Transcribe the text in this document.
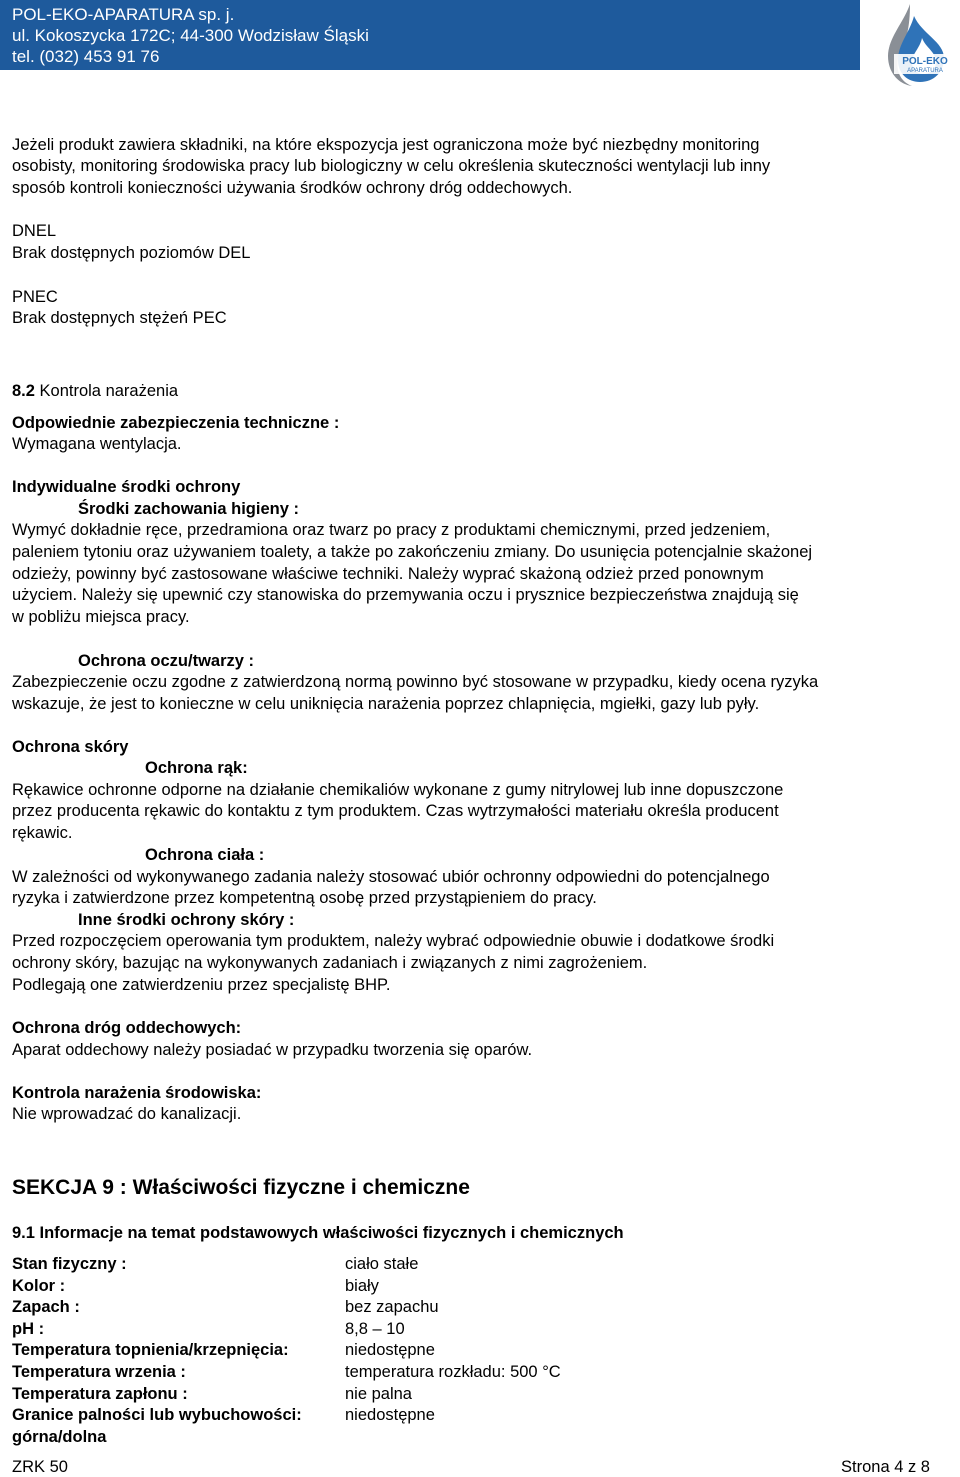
POL-EKO-APARATURA sp. j.
ul. Kokoszycka 172C; 44-300 Wodzisław Śląski
tel. (032) 453 91 76	POL-EKO
APARATURA
Jeżeli produkt zawiera składniki, na które ekspozycja jest ograniczona może być niezbędny monitoring
osobisty, monitoring środowiska pracy lub biologiczny w celu określenia skuteczności wentylacji lub inny
sposób kontroli konieczności używania środków ochrony dróg oddechowych.
DNEL
Brak dostępnych poziomów DEL
PNEC
Brak dostępnych stężeń PEC
8.2 Kontrola narażenia
Odpowiednie zabezpieczenia techniczne :
Wymagana wentylacja.
Indywidualne środki ochrony
Środki zachowania higieny :
Wymyć dokładnie ręce, przedramiona oraz twarz po pracy z produktami chemicznymi, przed jedzeniem,
paleniem tytoniu oraz używaniem toalety, a także po zakończeniu zmiany. Do usunięcia potencjalnie skażonej
odzieży, powinny być zastosowane właściwe techniki. Należy wyprać skażoną odzież przed ponownym
użyciem. Należy się upewnić czy stanowiska do przemywania oczu i prysznice bezpieczeństwa znajdują się
w pobliżu miejsca pracy.
Ochrona oczu/twarzy :
Zabezpieczenie oczu zgodne z zatwierdzoną normą powinno być stosowane w przypadku, kiedy ocena ryzyka
wskazuje, że jest to konieczne w celu uniknięcia narażenia poprzez chlapnięcia, mgiełki, gazy lub pyły.
Ochrona skóry
Ochrona rąk:
Rękawice ochronne odporne na działanie chemikaliów wykonane z gumy nitrylowej lub inne dopuszczone
przez producenta rękawic do kontaktu z tym produktem. Czas wytrzymałości materiału określa producent
rękawic.
Ochrona ciała :
W zależności od wykonywanego zadania należy stosować ubiór ochronny odpowiedni do potencjalnego
ryzyka i zatwierdzone przez kompetentną osobę przed przystąpieniem do pracy.
Inne środki ochrony skóry :
Przed rozpoczęciem operowania tym produktem, należy wybrać odpowiednie obuwie i dodatkowe środki
ochrony skóry, bazując na wykonywanych zadaniach i związanych z nimi zagrożeniem.
Podlegają one zatwierdzeniu przez specjalistę BHP.
Ochrona dróg oddechowych:
Aparat oddechowy należy posiadać w przypadku tworzenia się oparów.
Kontrola narażenia środowiska:
Nie wprowadzać do kanalizacji.
SEKCJA 9 : Właściwości fizyczne i chemiczne
9.1 Informacje na temat podstawowych właściwości fizycznych i chemicznych
Stan fizyczny :	ciało stałe
Kolor :	biały
Zapach :	bez zapachu
pH :	8,8 – 10
Temperatura topnienia/krzepnięcia:	niedostępne
Temperatura wrzenia :	temperatura rozkładu: 500 °C
Temperatura zapłonu :	nie palna
Granice palności lub wybuchowości:	niedostępne
górna/dolna
ZRK 50	Strona 4 z 8
